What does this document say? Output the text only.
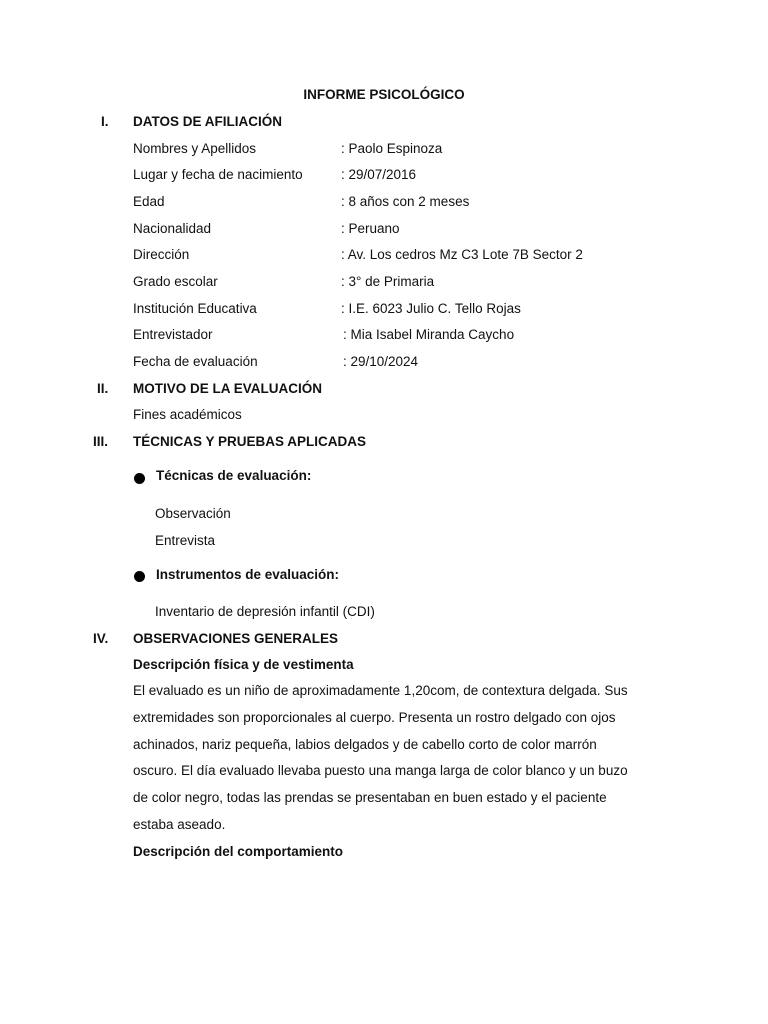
INFORME PSICOLÓGICO
I. DATOS DE AFILIACIÓN
Nombres y Apellidos	: Paolo Espinoza
Lugar y fecha de nacimiento	: 29/07/2016
Edad	: 8 años con 2 meses
Nacionalidad	: Peruano
Dirección	: Av. Los cedros Mz C3 Lote 7B Sector 2
Grado escolar	: 3° de Primaria
Institución Educativa	: I.E. 6023 Julio C. Tello Rojas
Entrevistador	: Mia Isabel Miranda Caycho
Fecha de evaluación	: 29/10/2024
II. MOTIVO DE LA EVALUACIÓN
Fines académicos
III. TÉCNICAS Y PRUEBAS APLICADAS
Técnicas de evaluación:
Observación
Entrevista
Instrumentos de evaluación:
Inventario de depresión infantil (CDI)
IV. OBSERVACIONES GENERALES
Descripción física y de vestimenta
El evaluado es un niño de aproximadamente 1,20com, de contextura delgada. Sus
extremidades son proporcionales al cuerpo. Presenta un rostro delgado con ojos
achinados, nariz pequeña, labios delgados y de cabello corto de color marrón
oscuro. El día evaluado llevaba puesto una manga larga de color blanco y un buzo
de color negro, todas las prendas se presentaban en buen estado y el paciente
estaba aseado.
Descripción del comportamiento
